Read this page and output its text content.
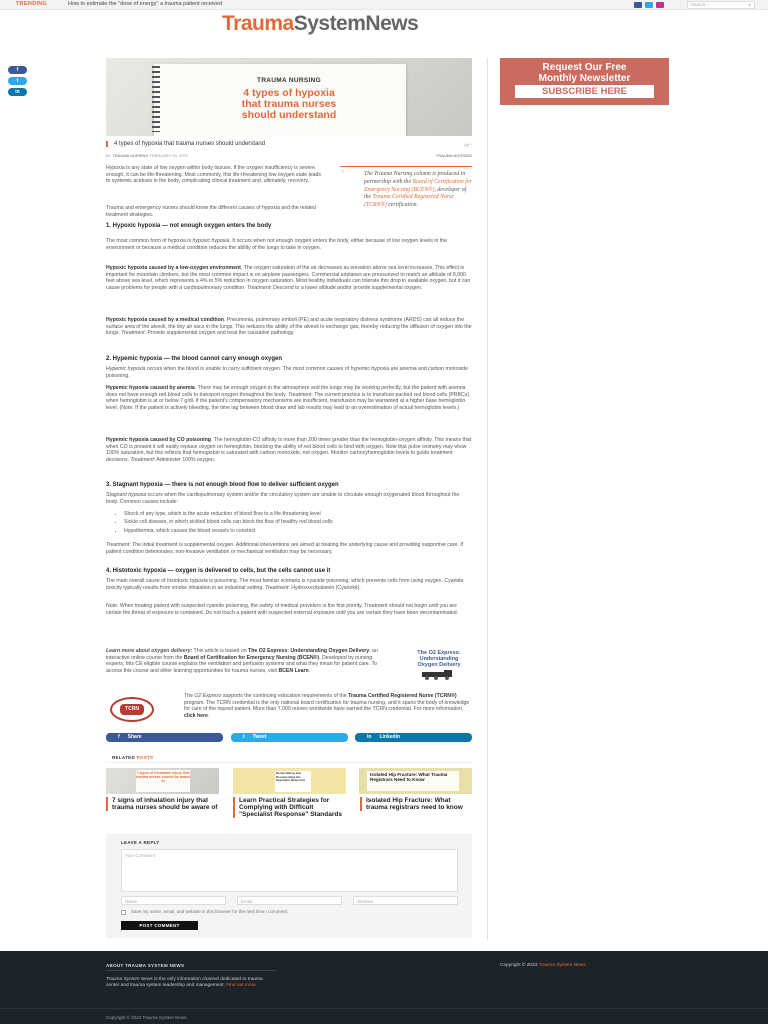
TRENDING	How to estimate the "dose of energy" a trauma patient received	Search...	⌕
TraumaSystemNews
f
t
in
TRAUMA NURSING
4 types of hypoxia
that trauma nurses
should understand
4 types of hypoxia that trauma nurses should understand	Up ^
BY TRAUMA NURSING FEBRUARY 20, 2023	TRAUMA NURSING
Request Our Free
Monthly Newsletter
SUBSCRIBE HERE
Hypoxia is any state of low oxygen within body tissues. If the oxygen insufficiency is severe enough, it can be life-threatening. Most commonly, this life-threatening low oxygen state leads to systemic acidosis in the body, complicating clinical treatment and, ultimately, recovery.
Trauma and emergency nurses should know the different causes of hypoxia and the related treatment strategies.
“	The Trauma Nursing column is produced in partnership with the Board of Certification for Emergency Nursing (BCEN®), developer of the Trauma Certified Registered Nurse (TCRN®) certification.
1. Hypoxic hypoxia — not enough oxygen enters the body
The most common form of hypoxia is hypoxic hypoxia. It occurs when not enough oxygen enters the body, either because of low oxygen levels in the environment or because a medical condition reduces the ability of the lungs to take in oxygen.
Hypoxic hypoxia caused by a low-oxygen environment. The oxygen saturation of the air decreases as elevation above sea level increases. This effect is important for mountain climbers, but the most common impact is on airplane passengers. Commercial airplanes are pressurized to match an altitude of 8,000 feet above sea level, which represents a 4% to 5% reduction in oxygen saturation. Most healthy individuals can tolerate this drop in available oxygen, but it can cause problems for people with a cardiopulmonary condition. Treatment: Descend to a lower altitude and/or provide supplemental oxygen.
Hypoxic hypoxia caused by a medical condition. Pneumonia, pulmonary emboli (PE) and acute respiratory distress syndrome (ARDS) can all reduce the surface area of the alveoli, the tiny air sacs in the lungs. This reduces the ability of the alveoli to exchange gas, thereby reducing the diffusion of oxygen into the lungs. Treatment: Provide supplemental oxygen and treat the causative pathology.
2. Hypemic hypoxia — the blood cannot carry enough oxygen
Hypemic hypoxia occurs when the blood is unable to carry sufficient oxygen. The most common causes of hypemic hypoxia are anemia and carbon monoxide poisoning.
Hypemic hypoxia caused by anemia. There may be enough oxygen in the atmosphere and the lungs may be working perfectly, but the patient with anemia does not have enough red blood cells to transport oxygen throughout the body. Treatment: The current practice is to transfuse packed red blood cells (PRBCs) when hemoglobin is at or below 7 g/dl. If the patient's compensatory mechanisms are insufficient, transfusion may be warranted at a higher base hemoglobin level. (Note: If the patient is actively bleeding, the time lag between blood draw and lab results may lead to an overestimation of actual hemoglobin levels.)
Hypemic hypoxia caused by CO poisoning. The hemoglobin-CO affinity is more than 200 times greater than the hemoglobin-oxygen affinity. This means that when CO is present it will easily replace oxygen on hemoglobin, blocking the ability of red blood cells to bind with oxygen. Note that pulse oximetry may show 100% saturation, but this reflects that hemoglobin is saturated with carbon monoxide, not oxygen. Monitor carboxyhemoglobin levels to guide treatment decisions. Treatment: Administer 100% oxygen.
3. Stagnant hypoxia — there is not enough blood flow to deliver sufficient oxygen
Stagnant hypoxia occurs when the cardiopulmonary system and/or the circulatory system are unable to circulate enough oxygenated blood throughout the body. Common causes include:
• Shock of any type, which is the acute reduction of blood flow to a life-threatening level
• Sickle cell disease, in which sickled blood cells can block the flow of healthy red blood cells
• Hypothermia, which causes the blood vessels to constrict
Treatment: The initial treatment is supplemental oxygen. Additional interventions are aimed at treating the underlying cause and providing supportive care. If patient condition deteriorates, non-invasive ventilation or mechanical ventilation may be necessary.
4. Histotoxic hypoxia — oxygen is delivered to cells, but the cells cannot use it
The main overall cause of histotoxic hypoxia is poisoning. The most familiar scenario is cyanide poisoning, which prevents cells from using oxygen. Cyanide toxicity typically results from smoke inhalation in an industrial setting. Treatment: Hydroxocobalamin (Cyanokit).
Note: When treating patient with suspected cyanide poisoning, the safety of medical providers is the first priority. Treatment should not begin until you are certain the threat of exposure is contained. Do not touch a patient with suspected external exposure until you are certain they have been decontaminated.
Learn more about oxygen delivery: This article is based on The O2 Express: Understanding Oxygen Delivery, an interactive online course from the Board of Certification for Emergency Nursing (BCEN®). Developed by nursing experts, this CE eligible course explains the ventilation and perfusion systems and what they mean for patient care. To access this course and other learning opportunities for trauma nurses, visit BCEN Learn.
The O2 Express: Understanding Oxygen Delivery
TCRN
The O2 Express supports the continuing education requirements of the Trauma Certified Registered Nurse (TCRN®) program. The TCRN credential is the only national board certification for trauma nursing, and it spans the body of knowledge for care of the injured patient. More than 7,000 nurses worldwide have earned the TCRN credential. For more information, click here.
f Share	t Tweet	in Linkedin
RELATED POSTS
7 signs of inhalation injury that trauma nurses should be aware of
Demystifying and Documenting the Specialist Response
Isolated Hip Fracture: What Trauma Registrars Need to Know
7 signs of inhalation injury that trauma nurses should be aware of
Learn Practical Strategies for Complying with Difficult "Specialist Response" Standards
Isolated Hip Fracture: What trauma registrars need to know
LEAVE A REPLY
Your Comment
Name	Email	Website
Save my name, email, and website in this browser for the next time I comment.
POST COMMENT
ABOUT TRAUMA SYSTEM NEWS
Trauma System News is the only information channel dedicated to trauma center and trauma system leadership and management. Find out more.
Copyright © 2023 Trauma System News
Copyright © 2023 Trauma System News
